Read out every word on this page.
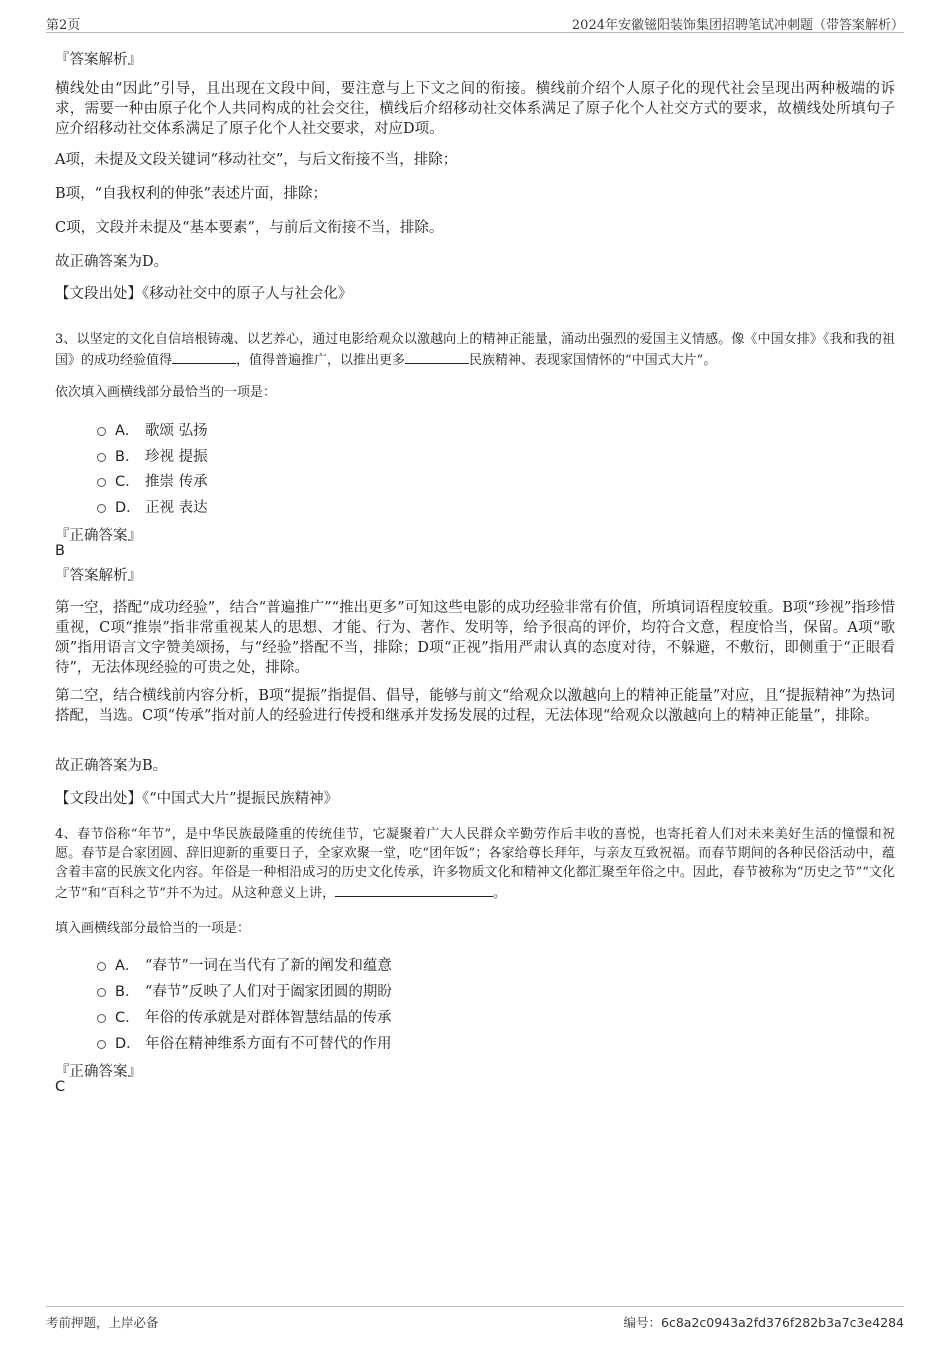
第2页	2024年安徽镃阳装饰集团招聘笔试冲刺题（带答案解析）
『答案解析』
横线处由“因此”引导，且出现在文段中间，要注意与上下文之间的衔接。横线前介绍个人原子化的现代社会呈现出两种极端的诉求，需要一种由原子化个人共同构成的社会交往，横线后介绍移动社交体系满足了原子化个人社交方式的要求，故横线处所填句子应介绍移动社交体系满足了原子化个人社交要求，对应D项。
A项，未提及文段关键词“移动社交”，与后文衔接不当，排除；
B项，“自我权利的伸张”表述片面，排除；
C项，文段并未提及“基本要素”，与前后文衔接不当，排除。
故正确答案为D。
【文段出处】《移动社交中的原子人与社会化》
3、以坚定的文化自信培根铸魂、以艺养心，通过电影给观众以激越向上的精神正能量，涌动出强烈的爱国主义情感。像《中国女排》《我和我的祖国》的成功经验值得	，值得普遍推广，以推出更多	民族精神、表现家国情怀的“中国式大片”。
依次填入画横线部分最恰当的一项是：
A． 歌颂 弘扬
B． 珍视 提振
C． 推崇 传承
D． 正视 表达
『正确答案』
B
『答案解析』
第一空，搭配“成功经验”，结合“普遍推广”“推出更多”可知这些电影的成功经验非常有价值，所填词语程度较重。B项“珍视”指珍惜重视，C项“推崇”指非常重视某人的思想、才能、行为、著作、发明等，给予很高的评价，均符合文意，程度恰当，保留。A项“歌颂”指用语言文字赞美颂扬，与“经验”搭配不当，排除；D项“正视”指用严肃认真的态度对待，不躲避，不敷衍，即侧重于“正眼看待”，无法体现经验的可贵之处，排除。
第二空，结合横线前内容分析，B项“提振”指提倡、倡导，能够与前文“给观众以激越向上的精神正能量”对应，且“提振精神”为热词搭配，当选。C项“传承”指对前人的经验进行传授和继承并发扬发展的过程，无法体现“给观众以激越向上的精神正能量”，排除。
故正确答案为B。
【文段出处】《“中国式大片”提振民族精神》
4、春节俗称“年节”，是中华民族最隆重的传统佳节，它凝聚着广大人民群众辛勤劳作后丰收的喜悦，也寄托着人们对未来美好生活的憧憬和祝愿。春节是合家团圆、辞旧迎新的重要日子，全家欢聚一堂，吃“团年饭”；各家给尊长拜年，与亲友互致祝福。而春节期间的各种民俗活动中，蕴含着丰富的民族文化内容。年俗是一种相沿成习的历史文化传承，许多物质文化和精神文化都汇聚至年俗之中。因此，春节被称为“历史之节”“文化之节”和“百科之节”并不为过。从这种意义上讲，	。
填入画横线部分最恰当的一项是：
A． “春节”一词在当代有了新的阐发和蕴意
B． “春节”反映了人们对于阖家团圆的期盼
C． 年俗的传承就是对群体智慧结晶的传承
D． 年俗在精神维系方面有不可替代的作用
『正确答案』
C
考前押题，上岸必备	编号：6c8a2c0943a2fd376f282b3a7c3e4284
